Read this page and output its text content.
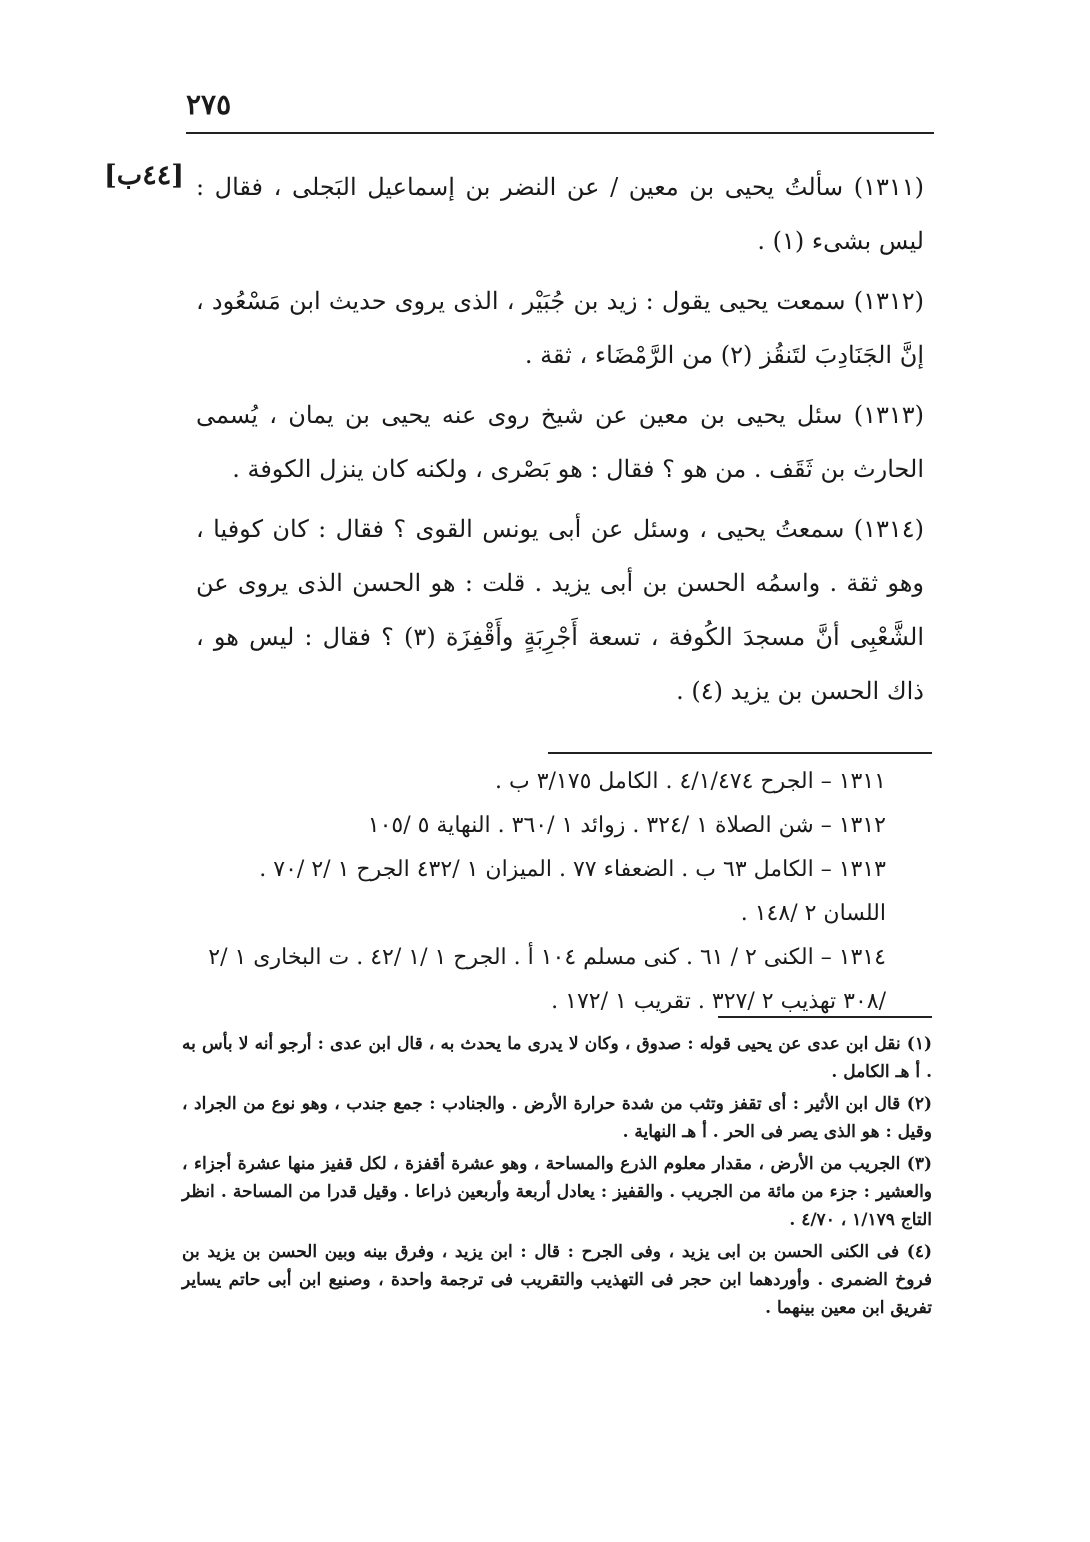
٢٧٥
[٤٤ب] (١٣١١) سألتُ يحيى بن معين / عن النضر بن إسماعيل البَجلى ، فقال : ليس بشىء (١) .

(١٣١٢) سمعت يحيى يقول : زيد بن جُبَيْر ، الذى يروى حديث ابن مَسْعُود ، إنَّ الجَنَادِبَ لتَنقُز (٢) من الرَّمْضَاء ، ثقة .

(١٣١٣) سئل يحيى بن معين عن شيخ روى عنه يحيى بن يمان ، يُسمى الحارث بن ثَقَف . من هو ؟ فقال : هو بَصْرى ، ولكنه كان ينزل الكوفة .

(١٣١٤) سمعتُ يحيى ، وسئل عن أبى يونس القوى ؟ فقال : كان كوفيا ، وهو ثقة . واسمُه الحسن بن أبى يزيد . قلت : هو الحسن الذى يروى عن الشَّعْبِى أنَّ مسجدَ الكُوفة ، تسعة أَجْرِبَةٍ وأَقْفِزَة (٣) ؟ فقال : ليس هو ، ذاك الحسن بن يزيد (٤) .

١٣١١ – الجرح ٤/١/٤٧٤ . الكامل ٣/١٧٥ ب .

١٣١٢ – شن الصلاة ١ /٣٢٤ . زوائد ١ /٣٦٠ . النهاية ٥ /١٠٥

١٣١٣ – الكامل ٦٣ ب . الضعفاء ٧٧ . الميزان ١ /٤٣٢ الجرح ١ /٢ /٧٠ . اللسان ٢ /١٤٨ .

١٣١٤ – الكنى ٢ / ٦١ . كنى مسلم ١٠٤ أ . الجرح ١ /١ /٤٢ . ت البخارى ١ /٢ /٣٠٨ تهذيب ٢ /٣٢٧ . تقريب ١ /١٧٢ .

(١) نقل ابن عدى عن يحيى قوله : صدوق ، وكان لا يدرى ما يحدث به ، قال ابن عدى : أرجو أنه لا بأس به . أ هـ الكامل .

(٢) قال ابن الأثير : أى تقفز وتثب من شدة حرارة الأرض . والجنادب : جمع جندب ، وهو نوع من الجراد ، وقيل : هو الذى يصر فى الحر . أ هـ النهاية .

(٣) الجريب من الأرض ، مقدار معلوم الذرع والمساحة ، وهو عشرة أقفزة ، لكل قفيز منها عشرة أجزاء ، والعشير : جزء من مائة من الجريب . والقفيز : يعادل أربعة وأربعين ذراعا . وقيل قدرا من المساحة . انظر التاج ١/١٧٩ ، ٤/٧٠ .

(٤) فى الكنى الحسن بن ابى يزيد ، وفى الجرح : قال : ابن يزيد ، وفرق بينه وبين الحسن بن يزيد بن فروخ الضمرى . وأوردهما ابن حجر فى التهذيب والتقريب فى ترجمة واحدة ، وصنيع ابن أبى حاتم يساير تفريق ابن معين بينهما .
